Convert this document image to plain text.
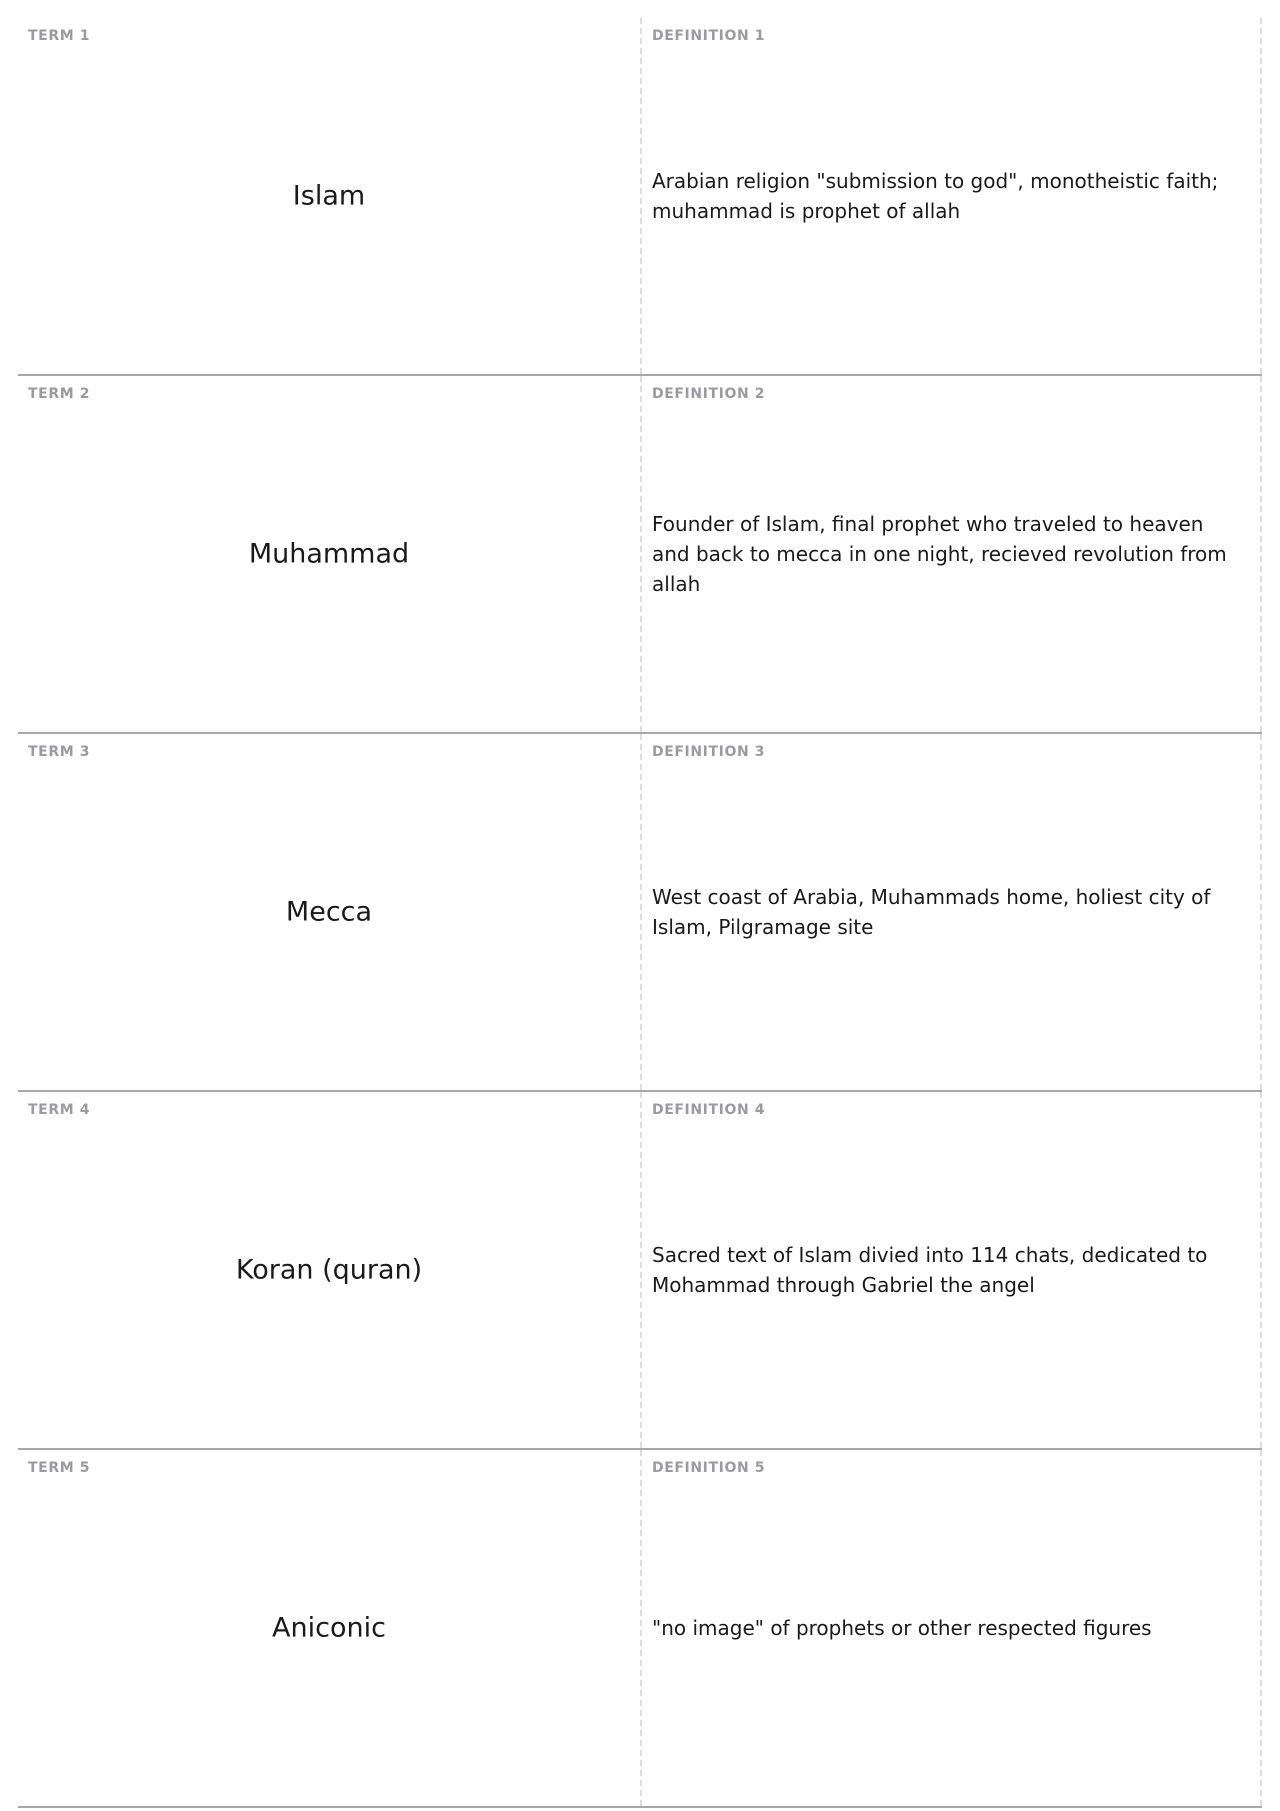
TERM 1
Islam
DEFINITION 1
Arabian religion "submission to god", monotheistic faith; muhammad is prophet of allah
TERM 2
Muhammad
DEFINITION 2
Founder of Islam, final prophet who traveled to heaven and back to mecca in one night, recieved revolution from allah
TERM 3
Mecca
DEFINITION 3
West coast of Arabia, Muhammads home, holiest city of Islam, Pilgramage site
TERM 4
Koran (quran)
DEFINITION 4
Sacred text of Islam divied into 114 chats, dedicated to Mohammad through Gabriel the angel
TERM 5
Aniconic
DEFINITION 5
"no image" of prophets or other respected figures
